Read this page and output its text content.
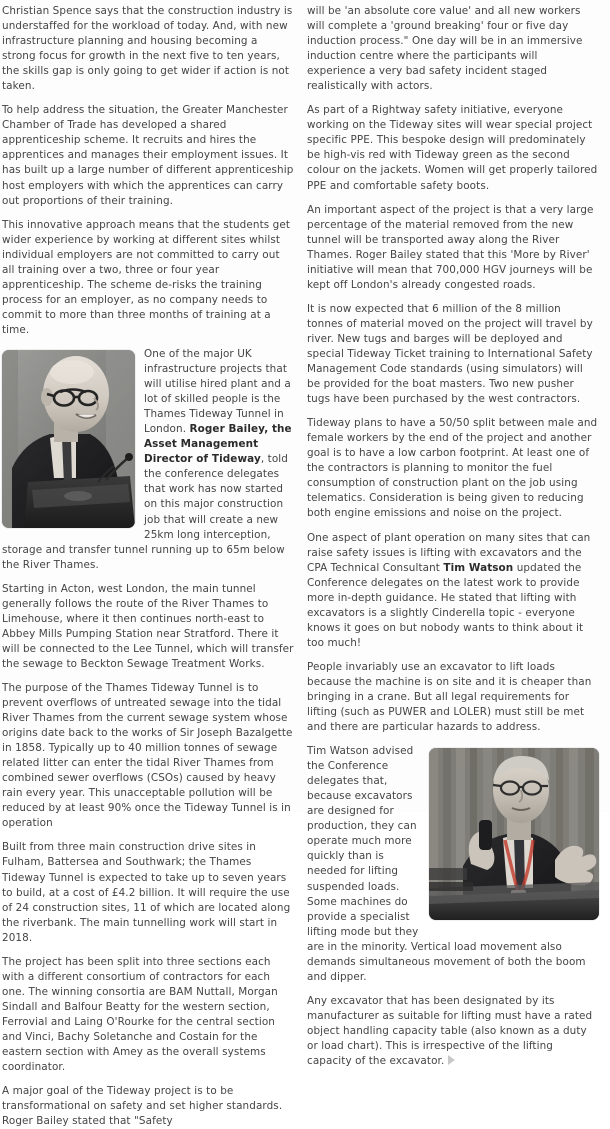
Christian Spence says that the construction industry is understaffed for the workload of today. And, with new infrastructure planning and housing becoming a strong focus for growth in the next five to ten years, the skills gap is only going to get wider if action is not taken.

To help address the situation, the Greater Manchester Chamber of Trade has developed a shared apprenticeship scheme. It recruits and hires the apprentices and manages their employment issues. It has built up a large number of different apprenticeship host employers with which the apprentices can carry out proportions of their training.

This innovative approach means that the students get wider experience by working at different sites whilst individual employers are not committed to carry out all training over a two, three or four year apprenticeship. The scheme de-risks the training process for an employer, as no company needs to commit to more than three months of training at a time.

One of the major UK infrastructure projects that will utilise hired plant and a lot of skilled people is the Thames Tideway Tunnel in London. Roger Bailey, the Asset Management Director of Tideway, told the conference delegates that work has now started on this major construction job that will create a new 25km long interception, storage and transfer tunnel running up to 65m below the River Thames.

Starting in Acton, west London, the main tunnel generally follows the route of the River Thames to Limehouse, where it then continues north-east to Abbey Mills Pumping Station near Stratford. There it will be connected to the Lee Tunnel, which will transfer the sewage to Beckton Sewage Treatment Works.

The purpose of the Thames Tideway Tunnel is to prevent overflows of untreated sewage into the tidal River Thames from the current sewage system whose origins date back to the works of Sir Joseph Bazalgette in 1858. Typically up to 40 million tonnes of sewage related litter can enter the tidal River Thames from combined sewer overflows (CSOs) caused by heavy rain every year. This unacceptable pollution will be reduced by at least 90% once the Tideway Tunnel is in operation

Built from three main construction drive sites in Fulham, Battersea and Southwark; the Thames Tideway Tunnel is expected to take up to seven years to build, at a cost of £4.2 billion. It will require the use of 24 construction sites, 11 of which are located along the riverbank. The main tunnelling work will start in 2018.

The project has been split into three sections each with a different consortium of contractors for each one. The winning consortia are BAM Nuttall, Morgan Sindall and Balfour Beatty for the western section, Ferrovial and Laing O'Rourke for the central section and Vinci, Bachy Soletanche and Costain for the eastern section with Amey as the overall systems coordinator.

A major goal of the Tideway project is to be transformational on safety and set higher standards. Roger Bailey stated that "Safety

will be 'an absolute core value' and all new workers will complete a 'ground breaking' four or five day induction process." One day will be in an immersive induction centre where the participants will experience a very bad safety incident staged realistically with actors.

As part of a Rightway safety initiative, everyone working on the Tideway sites will wear special project specific PPE. This bespoke design will predominately be high-vis red with Tideway green as the second colour on the jackets. Women will get properly tailored PPE and comfortable safety boots.

An important aspect of the project is that a very large percentage of the material removed from the new tunnel will be transported away along the River Thames. Roger Bailey stated that this 'More by River' initiative will mean that 700,000 HGV journeys will be kept off London's already congested roads.

It is now expected that 6 million of the 8 million tonnes of material moved on the project will travel by river. New tugs and barges will be deployed and special Tideway Ticket training to International Safety Management Code standards (using simulators) will be provided for the boat masters. Two new pusher tugs have been purchased by the west contractors.

Tideway plans to have a 50/50 split between male and female workers by the end of the project and another goal is to have a low carbon footprint. At least one of the contractors is planning to monitor the fuel consumption of construction plant on the job using telematics. Consideration is being given to reducing both engine emissions and noise on the project.

One aspect of plant operation on many sites that can raise safety issues is lifting with excavators and the CPA Technical Consultant Tim Watson updated the Conference delegates on the latest work to provide more in-depth guidance. He stated that lifting with excavators is a slightly Cinderella topic - everyone knows it goes on but nobody wants to think about it too much!

People invariably use an excavator to lift loads because the machine is on site and it is cheaper than bringing in a crane. But all legal requirements for lifting (such as PUWER and LOLER) must still be met and there are particular hazards to address.

Tim Watson advised the Conference delegates that, because excavators are designed for production, they can operate much more quickly than is needed for lifting suspended loads. Some machines do provide a specialist lifting mode but they are in the minority. Vertical load movement also demands simultaneous movement of both the boom and dipper.

Any excavator that has been designated by its manufacturer as suitable for lifting must have a rated object handling capacity table (also known as a duty or load chart). This is irrespective of the lifting capacity of the excavator.
